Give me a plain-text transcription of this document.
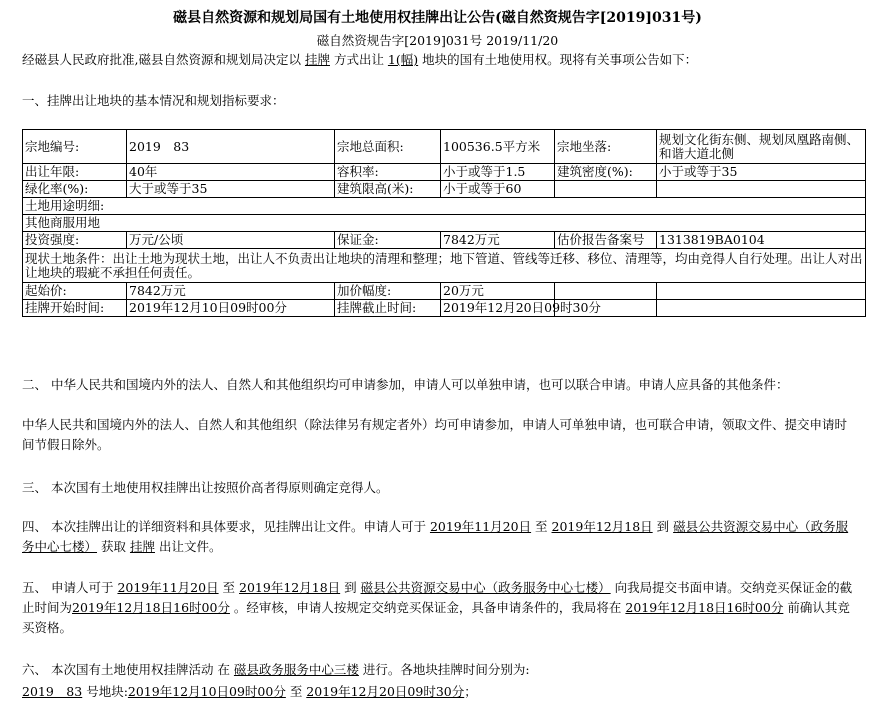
磁县自然资源和规划局国有土地使用权挂牌出让公告(磁自然资规告字[2019]031号)
磁自然资规告字[2019]031号 2019/11/20
经磁县人民政府批准,磁县自然资源和规划局决定以 挂牌 方式出让 1(幅) 地块的国有土地使用权。现将有关事项公告如下：
一、挂牌出让地块的基本情况和规划指标要求：
宗地编号:	2019　83	宗地总面积:	100536.5平方米	宗地坐落:	规划文化街东侧、规划凤凰路南侧、和谐大道北侧
出让年限:	40年	容积率:	小于或等于1.5	建筑密度(%):	小于或等于35
绿化率(%):	大于或等于35	建筑限高(米):	小于或等于60		
土地用途明细:					
其他商服用地					
投资强度:	万元/公顷	保证金:	7842万元	估价报告备案号	1313819BA0104
现状土地条件：出让土地为现状土地，出让人不负责出让地块的清理和整理；地下管道、管线等迁移、移位、清理等，均由竞得人自行处理。出让人对出让地块的瑕疵不承担任何责任。					
起始价:	7842万元	加价幅度:	20万元		
挂牌开始时间:	2019年12月10日09时00分	挂牌截止时间:	2019年12月20日09时30分		
二、 中华人民共和国境内外的法人、自然人和其他组织均可申请参加，申请人可以单独申请，也可以联合申请。申请人应具备的其他条件：
中华人民共和国境内外的法人、自然人和其他组织（除法律另有规定者外）均可申请参加，申请人可单独申请，也可联合申请，领取文件、提交申请时间节假日除外。
三、 本次国有土地使用权挂牌出让按照价高者得原则确定竞得人。
四、 本次挂牌出让的详细资料和具体要求，见挂牌出让文件。申请人可于 2019年11月20日 至 2019年12月18日 到 磁县公共资源交易中心（政务服务中心七楼） 获取 挂牌 出让文件。
五、 申请人可于 2019年11月20日 至 2019年12月18日 到 磁县公共资源交易中心（政务服务中心七楼） 向我局提交书面申请。交纳竞买保证金的截止时间为2019年12月18日16时00分 。经审核，申请人按规定交纳竞买保证金，具备申请条件的，我局将在 2019年12月18日16时00分 前确认其竞买资格。
六、 本次国有土地使用权挂牌活动 在 磁县政务服务中心三楼 进行。各地块挂牌时间分别为:
2019　83 号地块:2019年12月10日09时00分 至 2019年12月20日09时30分；
